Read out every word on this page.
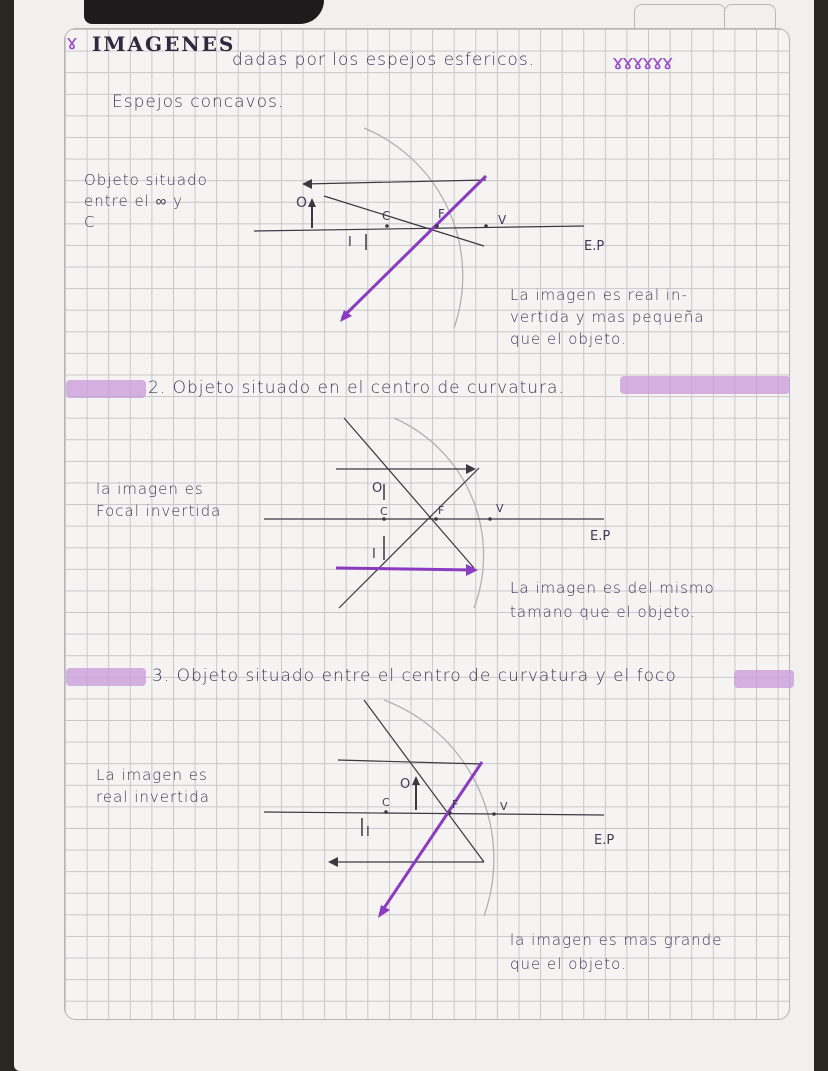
ɤ IMAGENES
dadas por los espejos esfericos.	ɤɤɤɤɤɤ
Espejos concavos.
Objeto situado
entre el ∞ y
C
O
I
C	F	V
E.P
La imagen es real in-
vertida y mas pequeña
que el objeto.
2. Objeto situado en el centro de curvatura.
la imagen es
Focal invertida
O
C
I
F	V
E.P
La imagen es del mismo
tamano que el objeto.
3. Objeto situado entre el centro de curvatura y el foco
La imagen es
real invertida
O
C
I
F	V
E.P
la imagen es mas grande
que el objeto.
